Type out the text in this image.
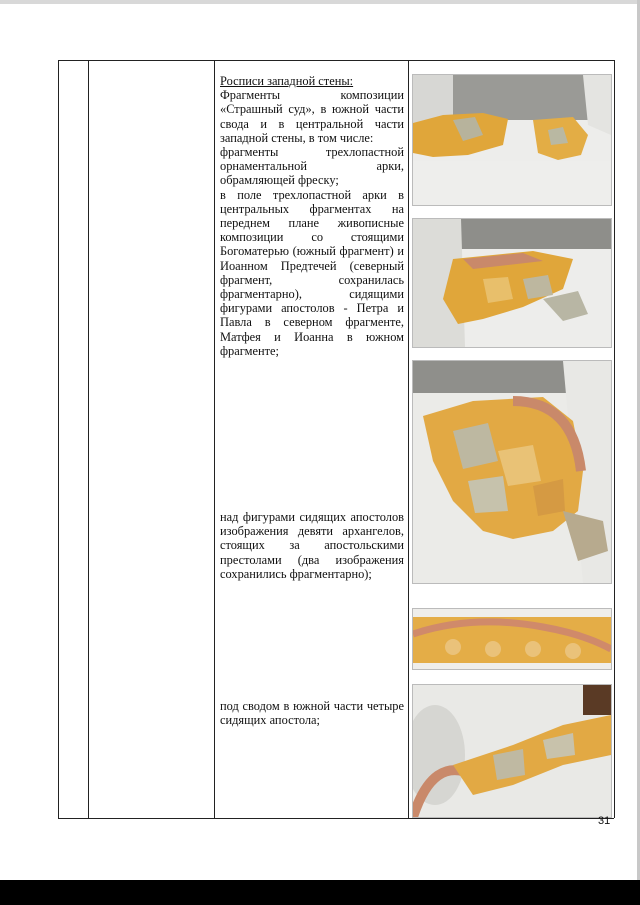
Росписи западной стены:

Фрагменты композиции «Страшный суд», в южной части свода и в центральной части западной стены, в том числе:

фрагменты трехлопастной орнаментальной арки, обрамляющей фреску;

в поле трехлопастной арки в центральных фрагментах на переднем плане живописные композиции со стоящими Богоматерью (южный фрагмент) и Иоанном Предтечей (северный фрагмент, сохранилась фрагментарно), сидящими фигурами апостолов - Петра и Павла в северном фрагменте, Матфея и Иоанна в южном фрагменте;

над фигурами сидящих апостолов изображения девяти архангелов, стоящих за апостольскими престолами (два изображения сохранились фрагментарно);

под сводом в южной части четыре сидящих апостола;

31
